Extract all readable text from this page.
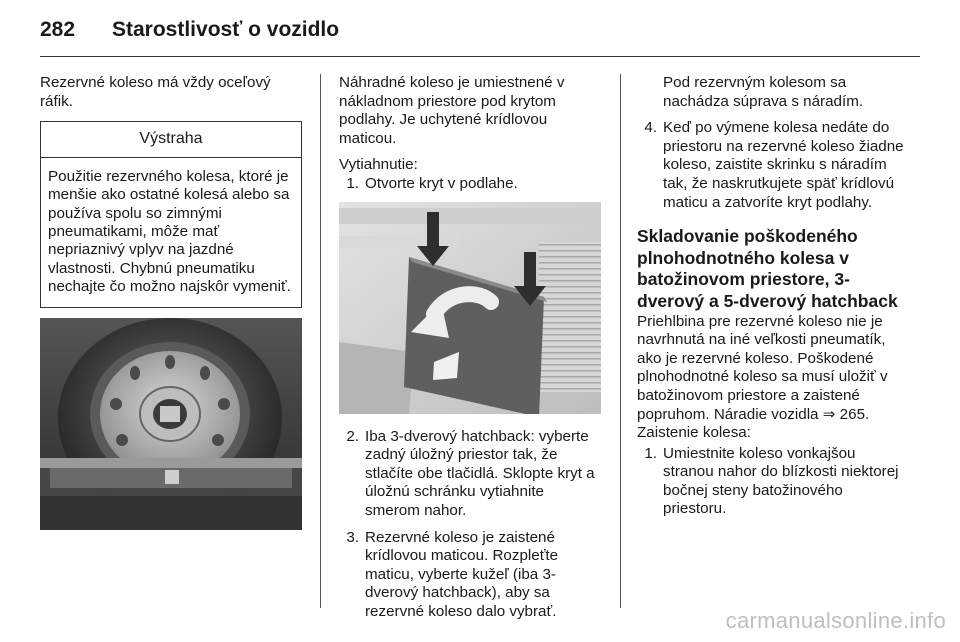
282 Starostlivosť o vozidlo

Rezervné koleso má vždy oceľový ráfik.

Výstraha
Použitie rezervného kolesa, ktoré je menšie ako ostatné kolesá alebo sa používa spolu so zimnými pneumatikami, môže mať nepriaznivý vplyv na jazdné vlastnosti. Chybnú pneumatiku nechajte čo možno najskôr vymeniť.

Náhradné koleso je umiestnené v nákladnom priestore pod krytom podlahy. Je uchytené krídlovou maticou.

Vytiahnutie:

1. Otvorte kryt v podlahe.
2. Iba 3-dverový hatchback: vyberte zadný úložný priestor tak, že stlačíte obe tlačidlá. Sklopte kryt a úložnú schránku vytiahnite smerom nahor.
3. Rezervné koleso je zaistené krídlovou maticou. Rozpleťte maticu, vyberte kužeľ (iba 3-dverový hatchback), aby sa rezervné koleso dalo vybrať.

Pod rezervným kolesom sa nachádza súprava s náradím.

4. Keď po výmene kolesa nedáte do priestoru na rezervné koleso žiadne koleso, zaistite skrinku s náradím tak, že naskrutkujete späť krídlovú maticu a zatvoríte kryt podlahy.
Skladovanie poškodeného plnohodnotného kolesa v batožinovom priestore, 3-dverový a 5-dverový hatchback

Priehlbina pre rezervné koleso nie je navrhnutá na iné veľkosti pneumatík, ako je rezervné koleso. Poškodené plnohodnotné koleso sa musí uložiť v batožinovom priestore a zaistené popruhom. Náradie vozidla ⇒ 265.

Zaistenie kolesa:

1. Umiestnite koleso vonkajšou stranou nahor do blízkosti niektorej bočnej steny batožinového priestoru.
carmanualsonline.info
